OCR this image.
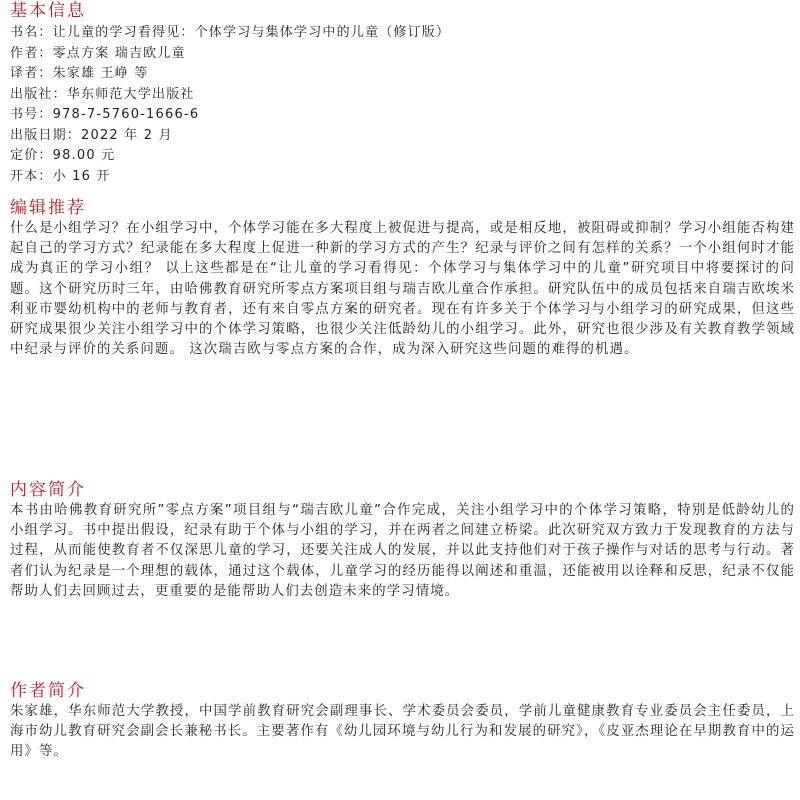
基本信息
书名：让儿童的学习看得见：个体学习与集体学习中的儿童（修订版）
作者：零点方案 瑞吉欧儿童
译者：朱家雄 王峥 等
出版社：华东师范大学出版社
书号：978-7-5760-1666-6
出版日期：2022 年 2 月
定价：98.00 元
开本：小 16 开
编辑推荐

什么是小组学习？在小组学习中，个体学习能在多大程度上被促进与提高，或是相反地，被阻碍或抑制？学习小组能否构建起自己的学习方式？纪录能在多大程度上促进一种新的学习方式的产生？纪录与评价之间有怎样的关系？一个小组何时才能成为真正的学习小组？ 以上这些都是在“让儿童的学习看得见：个体学习与集体学习中的儿童”研究项目中将要探讨的问题。这个研究历时三年，由哈佛教育研究所零点方案项目组与瑞吉欧儿童合作承担。研究队伍中的成员包括来自瑞吉欧埃米利亚市婴幼机构中的老师与教育者，还有来自零点方案的研究者。现在有许多关于个体学习与小组学习的研究成果，但这些研究成果很少关注小组学习中的个体学习策略，也很少关注低龄幼儿的小组学习。此外，研究也很少涉及有关教育教学领域中纪录与评价的关系问题。 这次瑞吉欧与零点方案的合作，成为深入研究这些问题的难得的机遇。

内容简介

本书由哈佛教育研究所”零点方案”项目组与“瑞吉欧儿童”合作完成，关注小组学习中的个体学习策略，特别是低龄幼儿的小组学习。书中提出假设，纪录有助于个体与小组的学习，并在两者之间建立桥梁。此次研究双方致力于发现教育的方法与过程，从而能使教育者不仅深思儿童的学习，还要关注成人的发展，并以此支持他们对于孩子操作与对话的思考与行动。著者们认为纪录是一个理想的载体，通过这个载体，儿童学习的经历能得以阐述和重温，还能被用以诠释和反思，纪录不仅能帮助人们去回顾过去，更重要的是能帮助人们去创造未来的学习情境。

作者简介

朱家雄，华东师范大学教授，中国学前教育研究会副理事长、学术委员会委员，学前儿童健康教育专业委员会主任委员，上海市幼儿教育研究会副会长兼秘书长。主要著作有《幼儿园环境与幼儿行为和发展的研究》，《皮亚杰理论在早期教育中的运用》等。
